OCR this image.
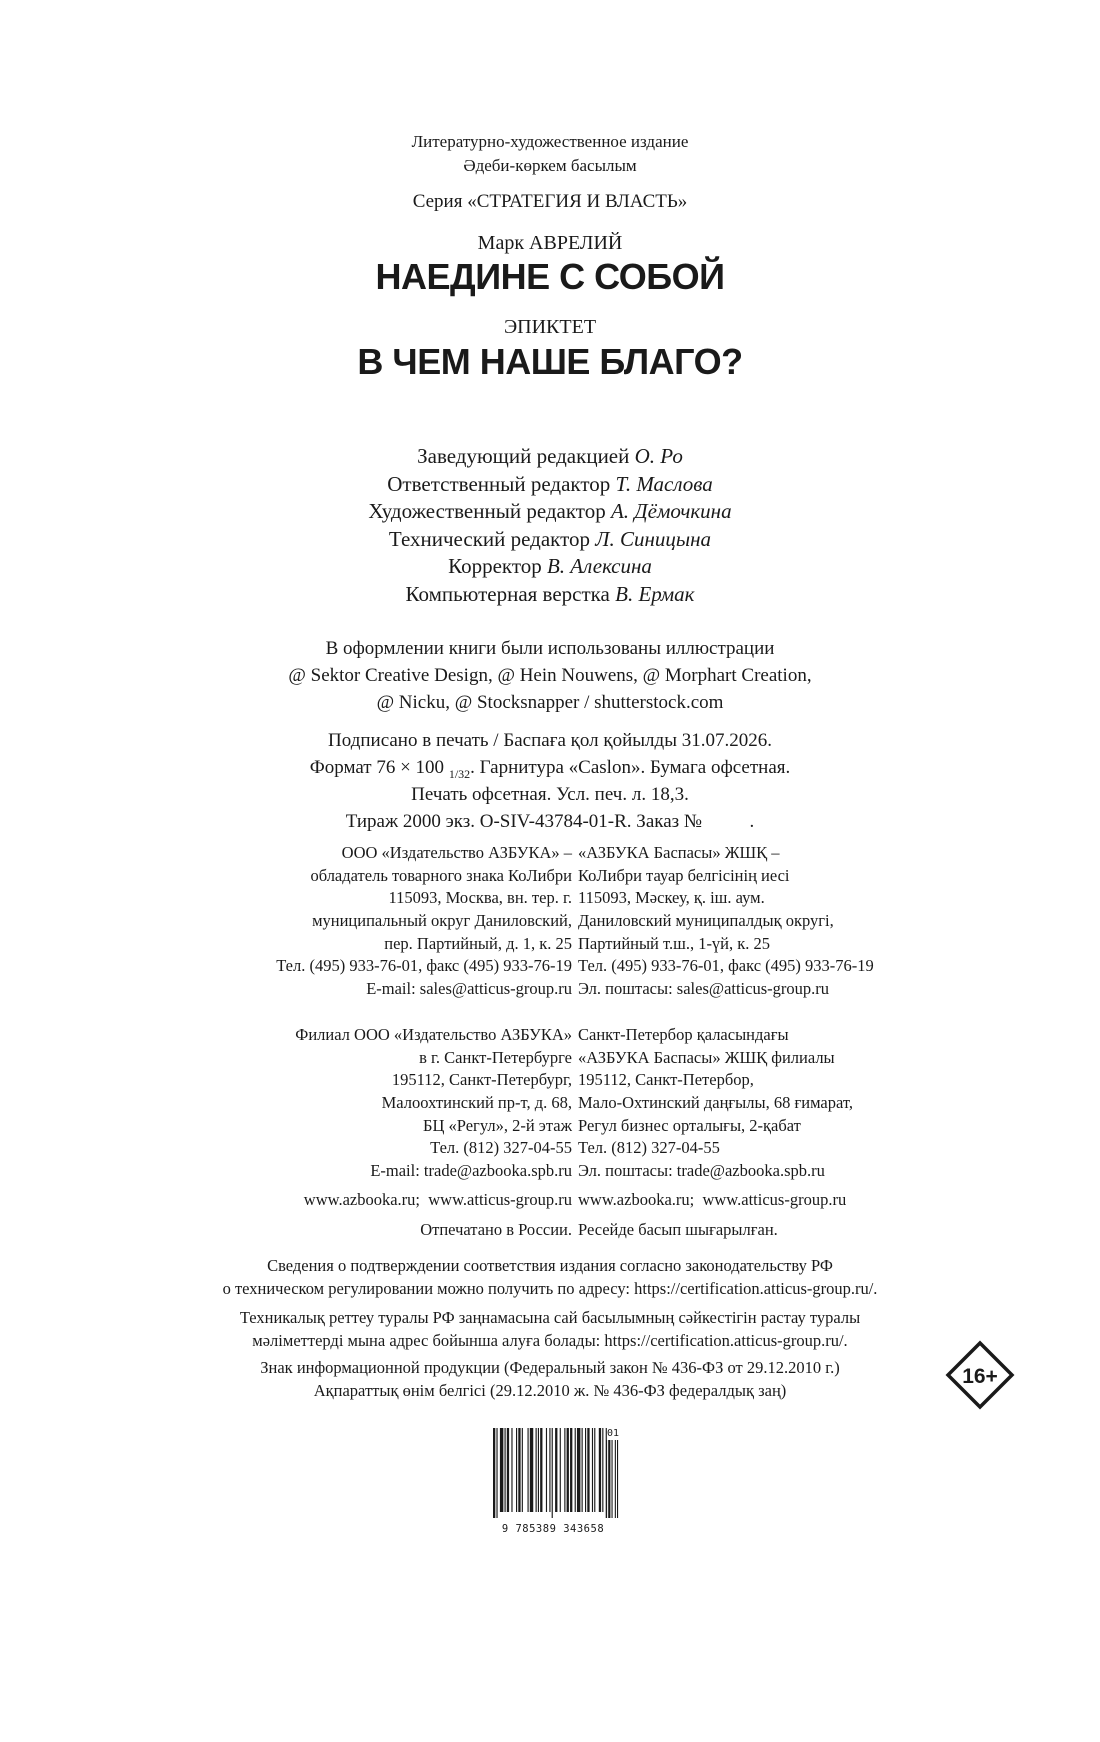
Литературно-художественное издание
Әдеби-көркем басылым
Серия «СТРАТЕГИЯ И ВЛАСТЬ»
Марк АВРЕЛИЙ
НАЕДИНЕ С СОБОЙ
ЭПИКТЕТ
В ЧЕМ НАШЕ БЛАГО?
Заведующий редакцией О. Ро
Ответственный редактор Т. Маслова
Художественный редактор А. Дёмочкина
Технический редактор Л. Синицына
Корректор В. Алексина
Компьютерная верстка В. Ермак
В оформлении книги были использованы иллюстрации
@ Sektor Creative Design, @ Hein Nouwens, @ Morphart Creation,
@ Nicku, @ Stocksnapper / shutterstock.com
Подписано в печать / Баспаға қол қойылды 31.07.2026.
Формат 76 × 100 $_{1/32}$. Гарнитура «Caslon». Бумага офсетная.
Печать офсетная. Усл. печ. л. 18,3.
Тираж 2000 экз. O-SIV-43784-01-R. Заказ №          .
ООО «Издательство АЗБУКА» –
обладатель товарного знака КоЛибри
115093, Москва, вн. тер. г.
муниципальный округ Даниловский,
пер. Партийный, д. 1, к. 25
Тел. (495) 933-76-01, факс (495) 933-76-19
E-mail: sales@atticus-group.ru
«АЗБУКА Баспасы» ЖШҚ –
КоЛибри тауар белгісінің иесі
115093, Мәскеу, қ. іш. аум.
Даниловский муниципалдық округі,
Партийный т.ш., 1-үй, к. 25
Тел. (495) 933-76-01, факс (495) 933-76-19
Эл. поштасы: sales@atticus-group.ru
Филиал ООО «Издательство АЗБУКА»
в г. Санкт-Петербурге
195112, Санкт-Петербург,
Малоохтинский пр-т, д. 68,
БЦ «Регул», 2-й этаж
Тел. (812) 327-04-55
E-mail: trade@azbooka.spb.ru
Санкт-Петербор қаласындағы
«АЗБУКА Баспасы» ЖШҚ филиалы
195112, Санкт-Петербор,
Мало-Охтинский даңғылы, 68 ғимарат,
Регул бизнес орталығы, 2-қабат
Тел. (812) 327-04-55
Эл. поштасы: trade@azbooka.spb.ru
www.azbooka.ru;  www.atticus-group.ru www.azbooka.ru;  www.atticus-group.ru
Отпечатано в России. Ресейде басып шығарылған.
Сведения о подтверждении соответствия издания согласно законодательству РФ
о техническом регулировании можно получить по адресу: https://certification.atticus-group.ru/.
Техникалық реттеу туралы РФ заңнамасына сай басылымның сәйкестігін растау туралы
мәліметтерді мына адрес бойынша алуға болады: https://certification.atticus-group.ru/.
Знак информационной продукции (Федеральный закон № 436-ФЗ от 29.12.2010 г.)
Ақпараттық өнім белгісі (29.12.2010 ж. № 436-ФЗ федералдық заң)
16+
01
9 785389 343658
